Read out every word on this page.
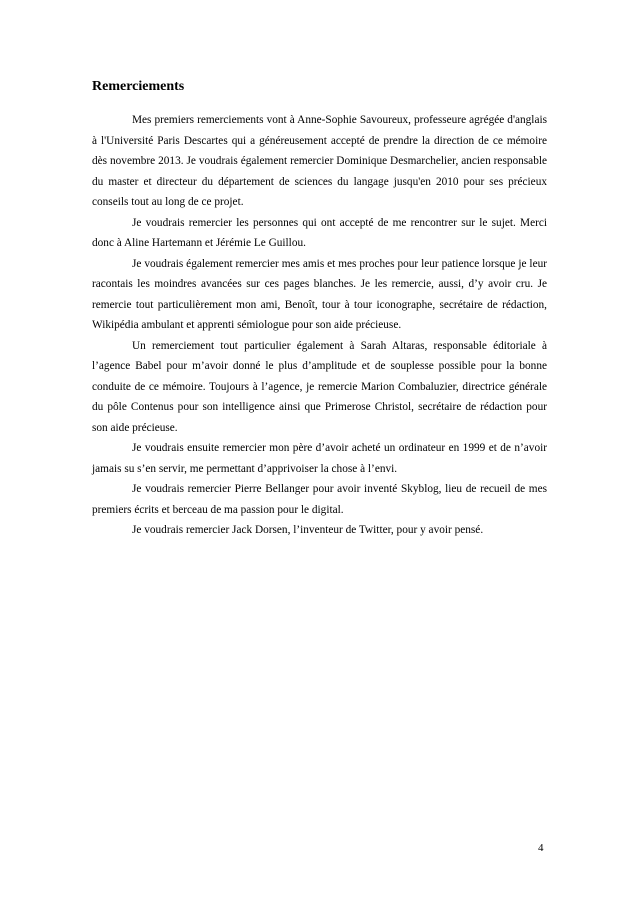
Remerciements

Mes premiers remerciements vont à Anne-Sophie Savoureux, professeure agrégée d'anglais à l'Université Paris Descartes qui a généreusement accepté de prendre la direction de ce mémoire dès novembre 2013. Je voudrais également remercier Dominique Desmarchelier, ancien responsable du master et directeur du département de sciences du langage jusqu'en 2010 pour ses précieux conseils tout au long de ce projet.

Je voudrais remercier les personnes qui ont accepté de me rencontrer sur le sujet. Merci donc à Aline Hartemann et Jérémie Le Guillou.

Je voudrais également remercier mes amis et mes proches pour leur patience lorsque je leur racontais les moindres avancées sur ces pages blanches. Je les remercie, aussi, d’y avoir cru. Je remercie tout particulièrement mon ami, Benoît, tour à tour iconographe, secrétaire de rédaction, Wikipédia ambulant et apprenti sémiologue pour son aide précieuse.

Un remerciement tout particulier également à Sarah Altaras, responsable éditoriale à l’agence Babel pour m’avoir donné le plus d’amplitude et de souplesse possible pour la bonne conduite de ce mémoire. Toujours à l’agence, je remercie Marion Combaluzier, directrice générale du pôle Contenus pour son intelligence ainsi que Primerose Christol, secrétaire de rédaction pour son aide précieuse.

Je voudrais ensuite remercier mon père d’avoir acheté un ordinateur en 1999 et de n’avoir jamais su s’en servir, me permettant d’apprivoiser la chose à l’envi.

Je voudrais remercier Pierre Bellanger pour avoir inventé Skyblog, lieu de recueil de mes premiers écrits et berceau de ma passion pour le digital.

Je voudrais remercier Jack Dorsen, l’inventeur de Twitter, pour y avoir pensé.

4
